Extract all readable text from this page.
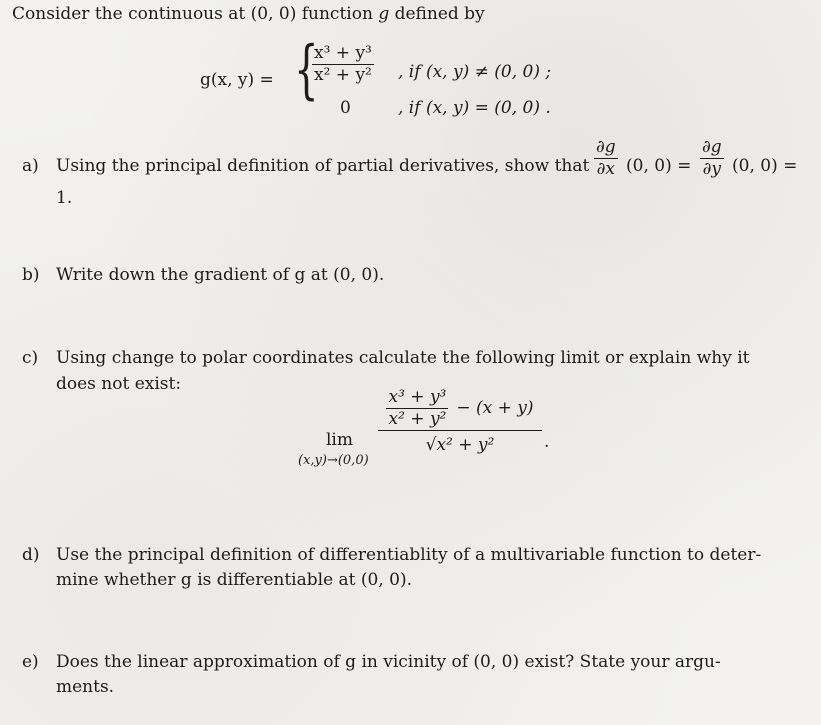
Consider the continuous at (0, 0) function g defined by
g(x, y) = {
$\frac{\text{x³ + y³}}{\text{x² + y²}}$ , if (x, y) ≠ (0, 0) ;
0	, if (x, y) = (0, 0) .
a) Using the principal definition of partial derivatives, show that $\frac{\partial g}{\partial x} (0$, $0) = \frac{\partial g}{\partial y} (0$, 0) =
1.
b) Write down the gradient of g at (0, 0).
c) Using change to polar coordinates calculate the following limit or explain why it
does not exist:
lim
(x,y)→(0,0)
$\frac{\frac{\text{x³ + y³}}{\text{x² + y²}} - (x + y)}{\text{√x² + y²}}$ .
d) Use the principal definition of differentiablity of a multivariable function to deter-
mine whether g is differentiable at (0, 0).
e) Does the linear approximation of g in vicinity of (0, 0) exist? State your argu-
ments.
